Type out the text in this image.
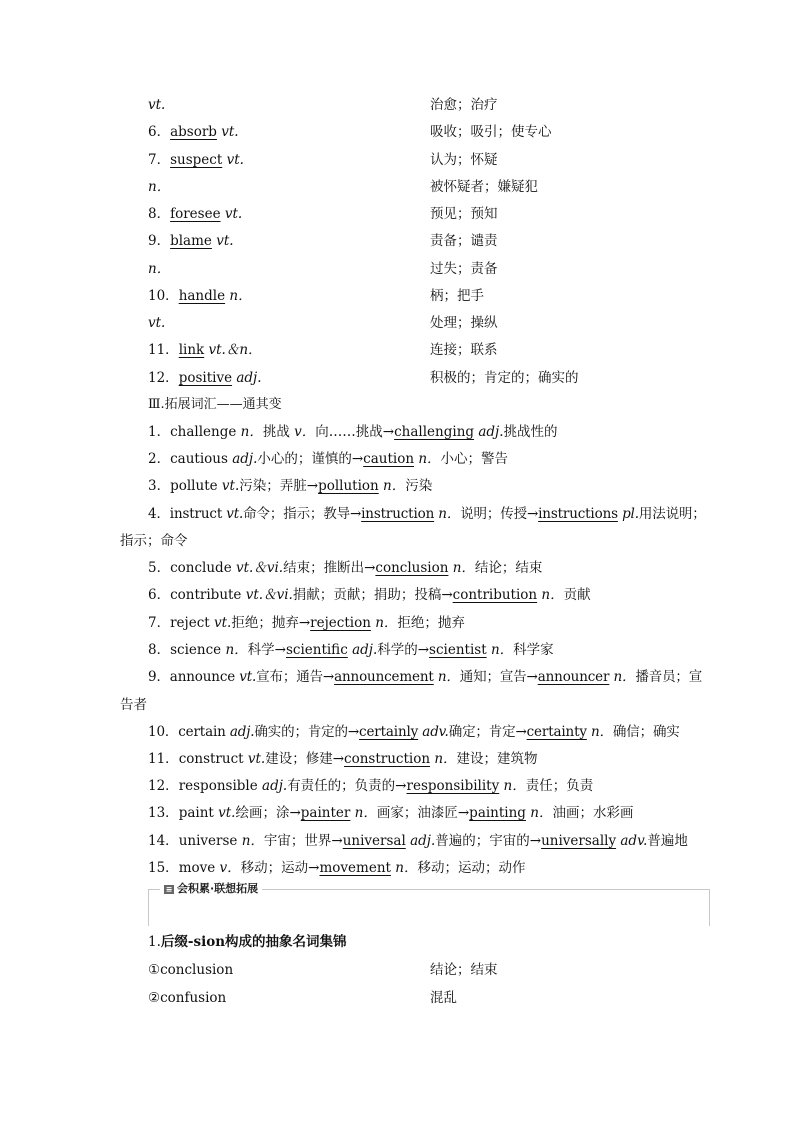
vt.	治愈；治疗
6．absorb vt.	吸收；吸引；使专心
7．suspect vt.	认为；怀疑
n．	被怀疑者；嫌疑犯
8．foresee vt.	预见；预知
9．blame vt.	责备；谴责
n．	过失；责备
10．handle n．	柄；把手
vt.	处理；操纵
11．link vt.＆n．	连接；联系
12．positive adj.	积极的；肯定的；确实的
Ⅲ.拓展词汇——通其变
1．challenge n．挑战 v．向……挑战→challenging adj.挑战性的
2．cautious adj.小心的；谨慎的→caution n．小心；警告
3．pollute vt.污染；弄脏→pollution n．污染
4．instruct vt.命令；指示；教导→instruction n．说明；传授→instructions pl.用法说明；
指示；命令
5．conclude vt.＆vi.结束；推断出→conclusion n．结论；结束
6．contribute vt.＆vi.捐献；贡献；捐助；投稿→contribution n．贡献
7．reject vt.拒绝；抛弃→rejection n．拒绝；抛弃
8．science n．科学→scientific adj.科学的→scientist n．科学家
9．announce vt.宣布；通告→announcement n．通知；宣告→announcer n．播音员；宣
告者
10．certain adj.确实的；肯定的→certainly adv.确定；肯定→certainty n．确信；确实
11．construct vt.建设；修建→construction n．建设；建筑物
12．responsible adj.有责任的；负责的→responsibility n．责任；负责
13．paint vt.绘画；涂→painter n．画家；油漆匠→painting n．油画；水彩画
14．universe n．宇宙；世界→universal adj.普遍的；宇宙的→universally adv.普遍地
15．move v．移动；运动→movement n．移动；运动；动作
≡ 会积累·联想拓展
1.后缀-sion构成的抽象名词集锦
①conclusion	结论；结束
②confusion	混乱
